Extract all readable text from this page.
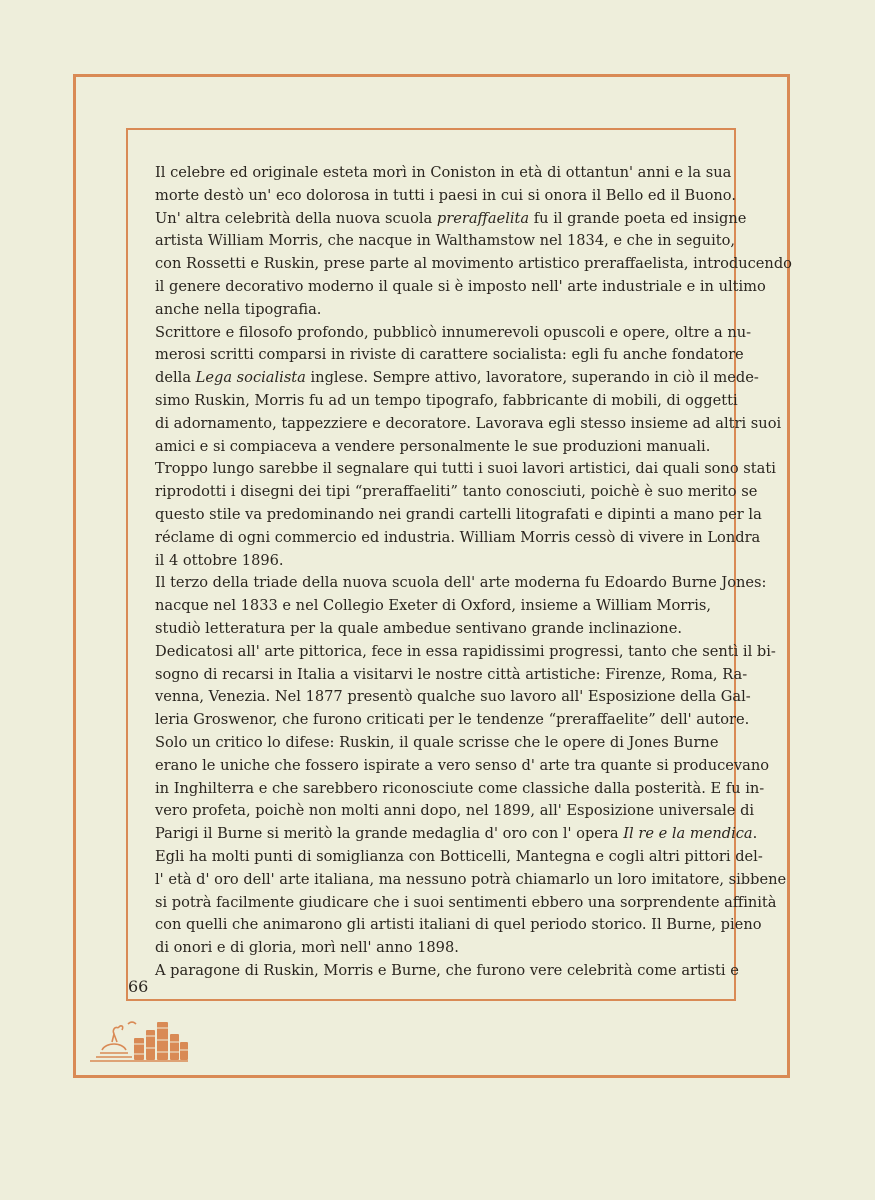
Il celebre ed originale esteta morì in Coniston in età di ottantun' anni e la sua
morte destò un' eco dolorosa in tutti i paesi in cui si onora il Bello ed il Buono.
Un' altra celebrità della nuova scuola preraffaelita fu il grande poeta ed insigne
artista William Morris, che nacque in Walthamstow nel 1834, e che in seguito,
con Rossetti e Ruskin, prese parte al movimento artistico preraffaelista, introducendo
il genere decorativo moderno il quale si è imposto nell' arte industriale e in ultimo
anche nella tipografia.
Scrittore e filosofo profondo, pubblicò innumerevoli opuscoli e opere, oltre a nu-
merosi scritti comparsi in riviste di carattere socialista: egli fu anche fondatore
della Lega socialista inglese. Sempre attivo, lavoratore, superando in ciò il mede-
simo Ruskin, Morris fu ad un tempo tipografo, fabbricante di mobili, di oggetti
di adornamento, tappezziere e decoratore. Lavorava egli stesso insieme ad altri suoi
amici e si compiaceva a vendere personalmente le sue produzioni manuali.
Troppo lungo sarebbe il segnalare qui tutti i suoi lavori artistici, dai quali sono stati
riprodotti i disegni dei tipi “preraffaeliti” tanto conosciuti, poichè è suo merito se
questo stile va predominando nei grandi cartelli litografati e dipinti a mano per la
réclame di ogni commercio ed industria. William Morris cessò di vivere in Londra
il 4 ottobre 1896.
Il terzo della triade della nuova scuola dell' arte moderna fu Edoardo Burne Jones:
nacque nel 1833 e nel Collegio Exeter di Oxford, insieme a William Morris,
studiò letteratura per la quale ambedue sentivano grande inclinazione.
Dedicatosi all' arte pittorica, fece in essa rapidissimi progressi, tanto che sentì il bi-
sogno di recarsi in Italia a visitarvi le nostre città artistiche: Firenze, Roma, Ra-
venna, Venezia. Nel 1877 presentò qualche suo lavoro all' Esposizione della Gal-
leria Groswenor, che furono criticati per le tendenze “preraffaelite” dell' autore.
Solo un critico lo difese: Ruskin, il quale scrisse che le opere di Jones Burne
erano le uniche che fossero ispirate a vero senso d' arte tra quante si producevano
in Inghilterra e che sarebbero riconosciute come classiche dalla posterità. E fu in-
vero profeta, poichè non molti anni dopo, nel 1899, all' Esposizione universale di
Parigi il Burne si meritò la grande medaglia d' oro con l' opera Il re e la mendica.
Egli ha molti punti di somiglianza con Botticelli, Mantegna e cogli altri pittori del-
l' età d' oro dell' arte italiana, ma nessuno potrà chiamarlo un loro imitatore, sibbene
si potrà facilmente giudicare che i suoi sentimenti ebbero una sorprendente affinità
con quelli che animarono gli artisti italiani di quel periodo storico. Il Burne, pieno
di onori e di gloria, morì nell' anno 1898.
A paragone di Ruskin, Morris e Burne, che furono vere celebrità come artisti e
66
